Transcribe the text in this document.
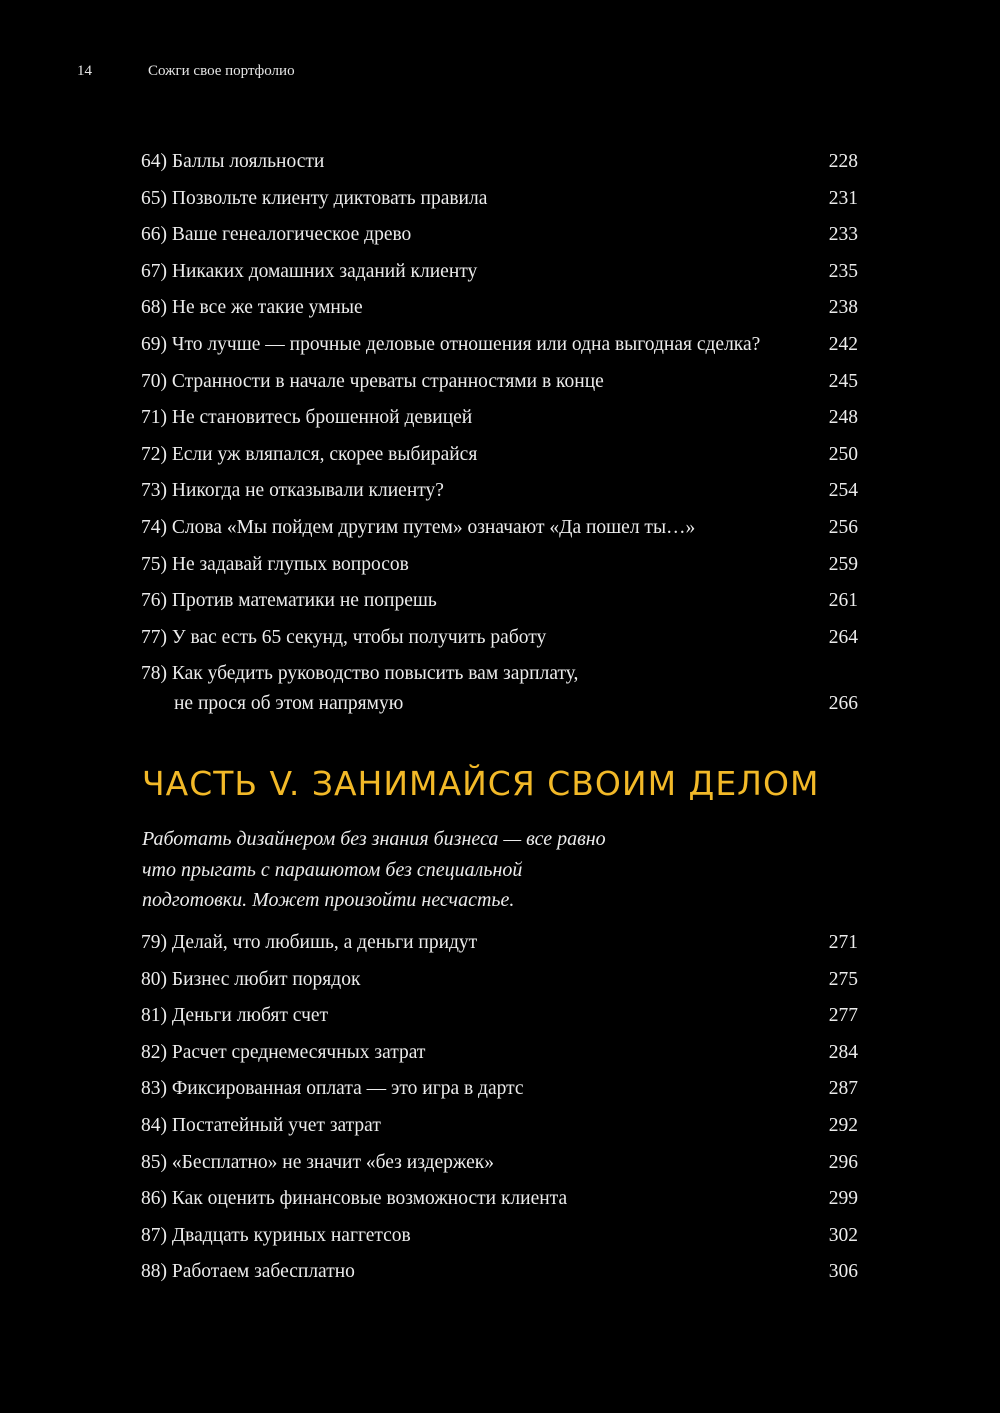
14	Сожги свое портфолио
64) Баллы лояльности	228
65) Позвольте клиенту диктовать правила	231
66) Ваше генеалогическое древо	233
67) Никаких домашних заданий клиенту	235
68) Не все же такие умные	238
69) Что лучше — прочные деловые отношения или одна выгодная сделка?	242
70) Странности в начале чреваты странностями в конце	245
71) Не становитесь брошенной девицей	248
72) Если уж вляпался, скорее выбирайся	250
73) Никогда не отказывали клиенту?	254
74) Слова «Мы пойдем другим путем» означают «Да пошел ты…»	256
75) Не задавай глупых вопросов	259
76) Против математики не попрешь	261
77) У вас есть 65 секунд, чтобы получить работу	264
78) Как убедить руководство повысить вам зарплату,
не прося об этом напрямую	266
ЧАСТЬ V. ЗАНИМАЙСЯ СВОИМ ДЕЛОМ
Работать дизайнером без знания бизнеса — все равно
что прыгать с парашютом без специальной
подготовки. Может произойти несчастье.
79) Делай, что любишь, а деньги придут	271
80) Бизнес любит порядок	275
81) Деньги любят счет	277
82) Расчет среднемесячных затрат	284
83) Фиксированная оплата — это игра в дартс	287
84) Постатейный учет затрат	292
85) «Бесплатно» не значит «без издержек»	296
86) Как оценить финансовые возможности клиента	299
87) Двадцать куриных наггетсов	302
88) Работаем забесплатно	306
